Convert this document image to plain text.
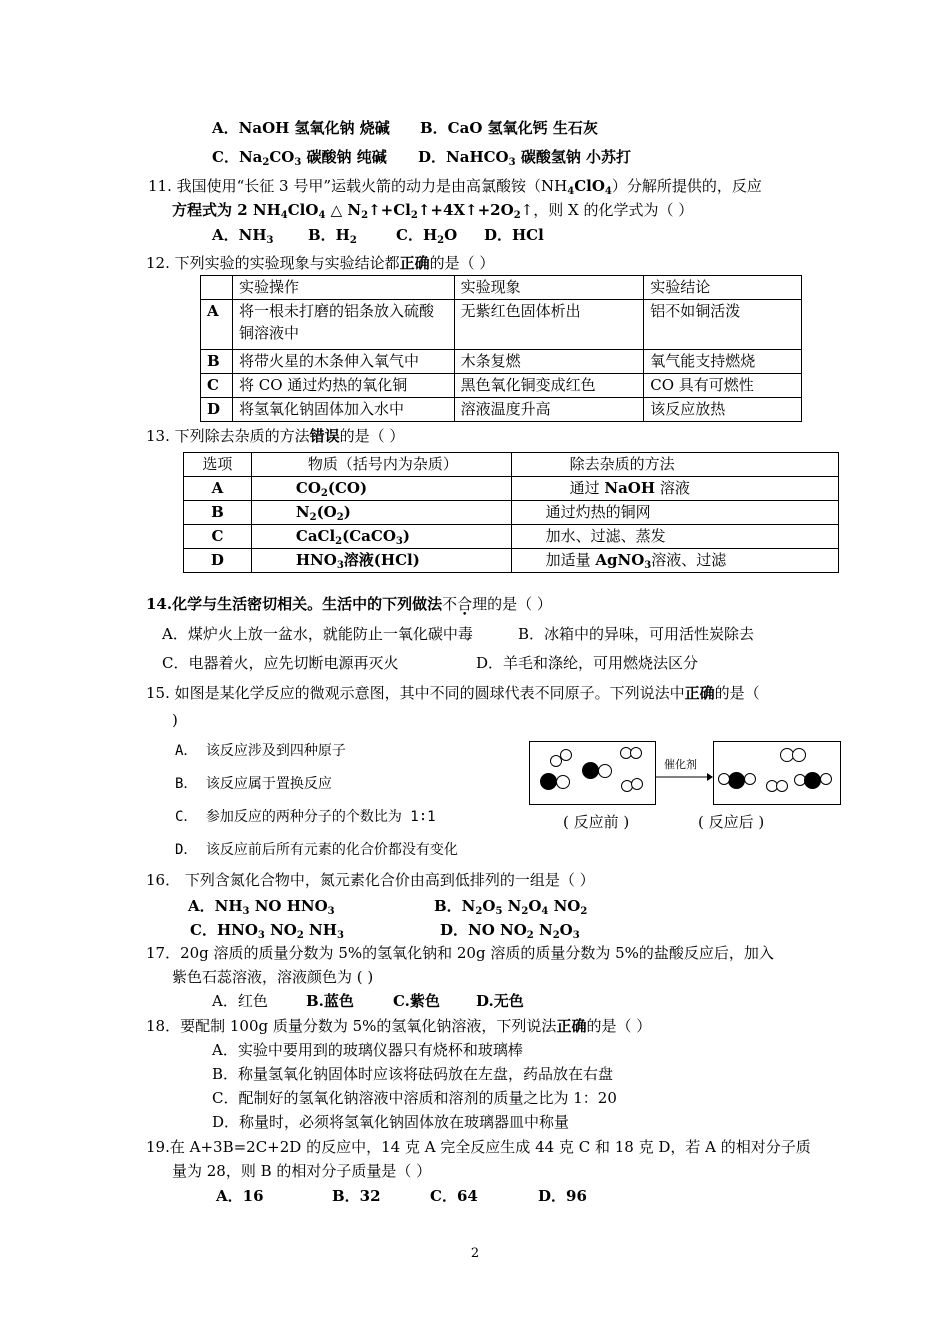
A．NaOH 氢氧化钠 烧碱 B．CaO 氢氧化钙 生石灰
C．$Na_2CO_3$ 碳酸钠 纯碱 D．NaHCO$_3$ 碳酸氢钠 小苏打
11. 我国使用“长征 3 号甲”运载火箭的动力是由高氯酸铵$(NH_4ClO_4)$分解所提供的，反应
方程式为 2 $NH_4ClO_4$ △ $N_2↑+Cl_2↑+4X↑+2O_2↑$，则 X 的化学式为（ ）
A．$NH_3$ B．$H_2$	C．$H_2O$ D．HCl
12. 下列实验的实验现象与实验结论都正确的是（ ）
	实验操作	实验现象	实验结论
A	将一根未打磨的铝条放入硫酸铜溶液中	无紫红色固体析出	铝不如铜活泼
B	将带火星的木条伸入氧气中	木条复燃	氧气能支持燃烧
C	将 CO 通过灼热的氧化铜	黑色氧化铜变成红色	CO 具有可燃性
D	将氢氧化钠固体加入水中	溶液温度升高	该反应放热
13. 下列除去杂质的方法错误的是（ ）
选项	物质（括号内为杂质）	除去杂质的方法
A	$CO_2(CO)$	通过 NaOH 溶液
B	$N_2(O_2)$	通过灼热的铜网
C	CaCl$_2$(CaCO$_3$)	加水、过滤、蒸发
D	$HNO_3$溶液(HCl)	加适量 AgNO$_3$溶液、过滤
14.化学与生活密切相关。生活中的下列做法不合理的是（ ）
A．煤炉火上放一盆水，就能防止一氧化碳中毒	B．冰箱中的异味，可用活性炭除去
C．电器着火，应先切断电源再灭火	D．羊毛和涤纶，可用燃烧法区分
15. 如图是某化学反应的微观示意图，其中不同的圆球代表不同原子。下列说法中正确的是（
)
A． 该反应涉及到四种原子
B． 该反应属于置换反应
C． 参加反应的两种分子的个数比为 1∶1
D． 该反应前后所有元素的化合价都没有变化
催化剂
( 反应前 )	( 反应后 )
16． 下列含氮化合物中，氮元素化合价由高到低排列的一组是（ ）
A．$NH_3$ NO $HNO_3$	B．$N_2O_5$ $N_2O_4$ $NO_2$
C．$HNO_3$ $NO_2$ $NH_3$	D．NO $NO_2$ $N_2O_3$
17．20g 溶质的质量分数为 5%的氢氧化钠和 20g 溶质的质量分数为 5%的盐酸反应后，加入
紫色石蕊溶液，溶液颜色为 ( )
A．红色	B.蓝色	C.紫色 D.无色
18．要配制 100g 质量分数为 5%的氢氧化钠溶液，下列说法正确的是（ ）
A．实验中要用到的玻璃仪器只有烧杯和玻璃棒
B．称量氢氧化钠固体时应该将砝码放在左盘，药品放在右盘
C．配制好的氢氧化钠溶液中溶质和溶剂的质量之比为 1：20
D．称量时，必须将氢氧化钠固体放在玻璃器皿中称量
19.在 A+3B=2C+2D 的反应中，14 克 A 完全反应生成 44 克 C 和 18 克 D，若 A 的相对分子质
量为 28，则 B 的相对分子质量是（ ）
A．16	B．32	C．64	D．96
2
